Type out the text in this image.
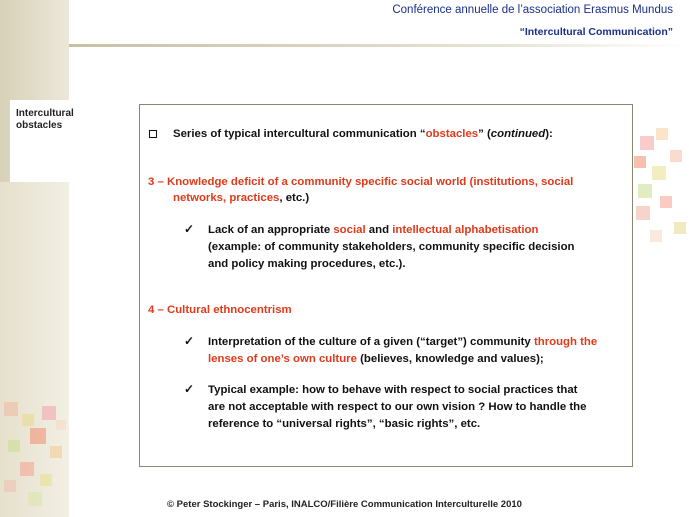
Intercultural
obstacles
Conférence annuelle de l’association Erasmus Mundus
“Intercultural Communication”
Series of typical intercultural communication “obstacles” (continued):
3 – Knowledge deficit of a community specific social world (institutions, social
networks, practices, etc.)
✓ Lack of an appropriate social and intellectual alphabetisation
(example: of community stakeholders, community specific decision
and policy making procedures, etc.).
4 – Cultural ethnocentrism
✓ Interpretation of the culture of a given (“target”) community through the
lenses of one’s own culture (believes, knowledge and values);
✓ Typical example: how to behave with respect to social practices that
are not acceptable with respect to our own vision ? How to handle the
reference to “universal rights”, “basic rights”, etc.
© Peter Stockinger – Paris, INALCO/Filière Communication Interculturelle 2010
